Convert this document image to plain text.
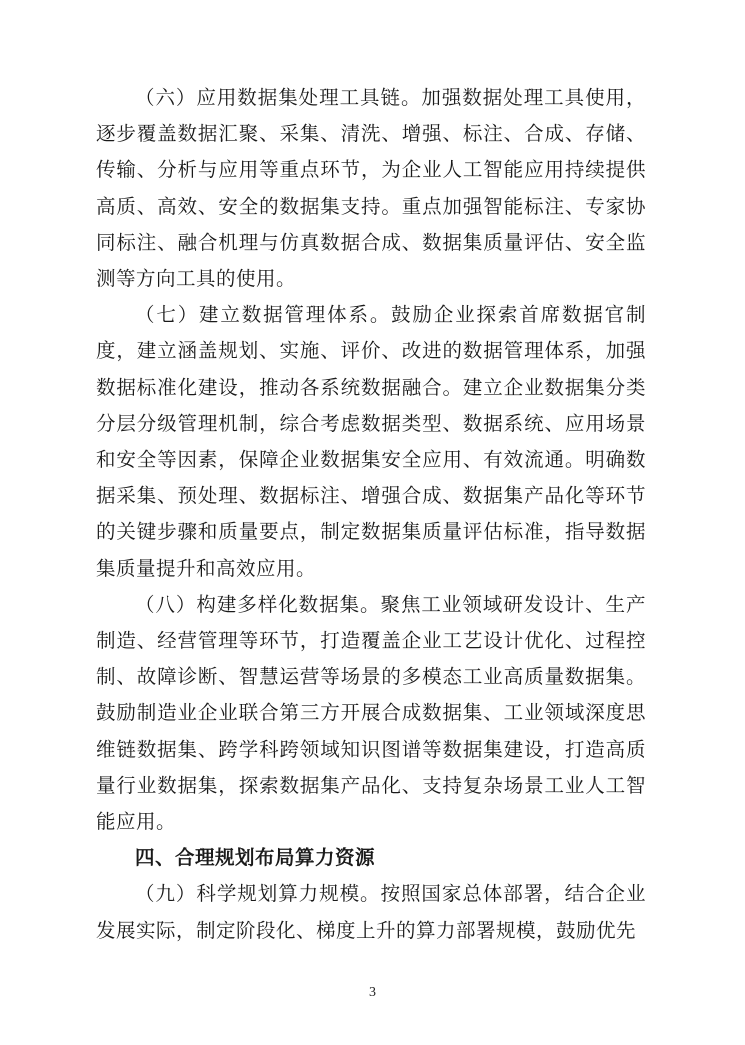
（六）应用数据集处理工具链。加强数据处理工具使用，逐步覆盖数据汇聚、采集、清洗、增强、标注、合成、存储、传输、分析与应用等重点环节，为企业人工智能应用持续提供高质、高效、安全的数据集支持。重点加强智能标注、专家协同标注、融合机理与仿真数据合成、数据集质量评估、安全监测等方向工具的使用。

（七）建立数据管理体系。鼓励企业探索首席数据官制度，建立涵盖规划、实施、评价、改进的数据管理体系，加强数据标准化建设，推动各系统数据融合。建立企业数据集分类分层分级管理机制，综合考虑数据类型、数据系统、应用场景和安全等因素，保障企业数据集安全应用、有效流通。明确数据采集、预处理、数据标注、增强合成、数据集产品化等环节的关键步骤和质量要点，制定数据集质量评估标准，指导数据集质量提升和高效应用。

（八）构建多样化数据集。聚焦工业领域研发设计、生产制造、经营管理等环节，打造覆盖企业工艺设计优化、过程控制、故障诊断、智慧运营等场景的多模态工业高质量数据集。鼓励制造业企业联合第三方开展合成数据集、工业领域深度思维链数据集、跨学科跨领域知识图谱等数据集建设，打造高质量行业数据集，探索数据集产品化、支持复杂场景工业人工智能应用。

四、合理规划布局算力资源

（九）科学规划算力规模。按照国家总体部署，结合企业发展实际，制定阶段化、梯度上升的算力部署规模，鼓励优先

3
